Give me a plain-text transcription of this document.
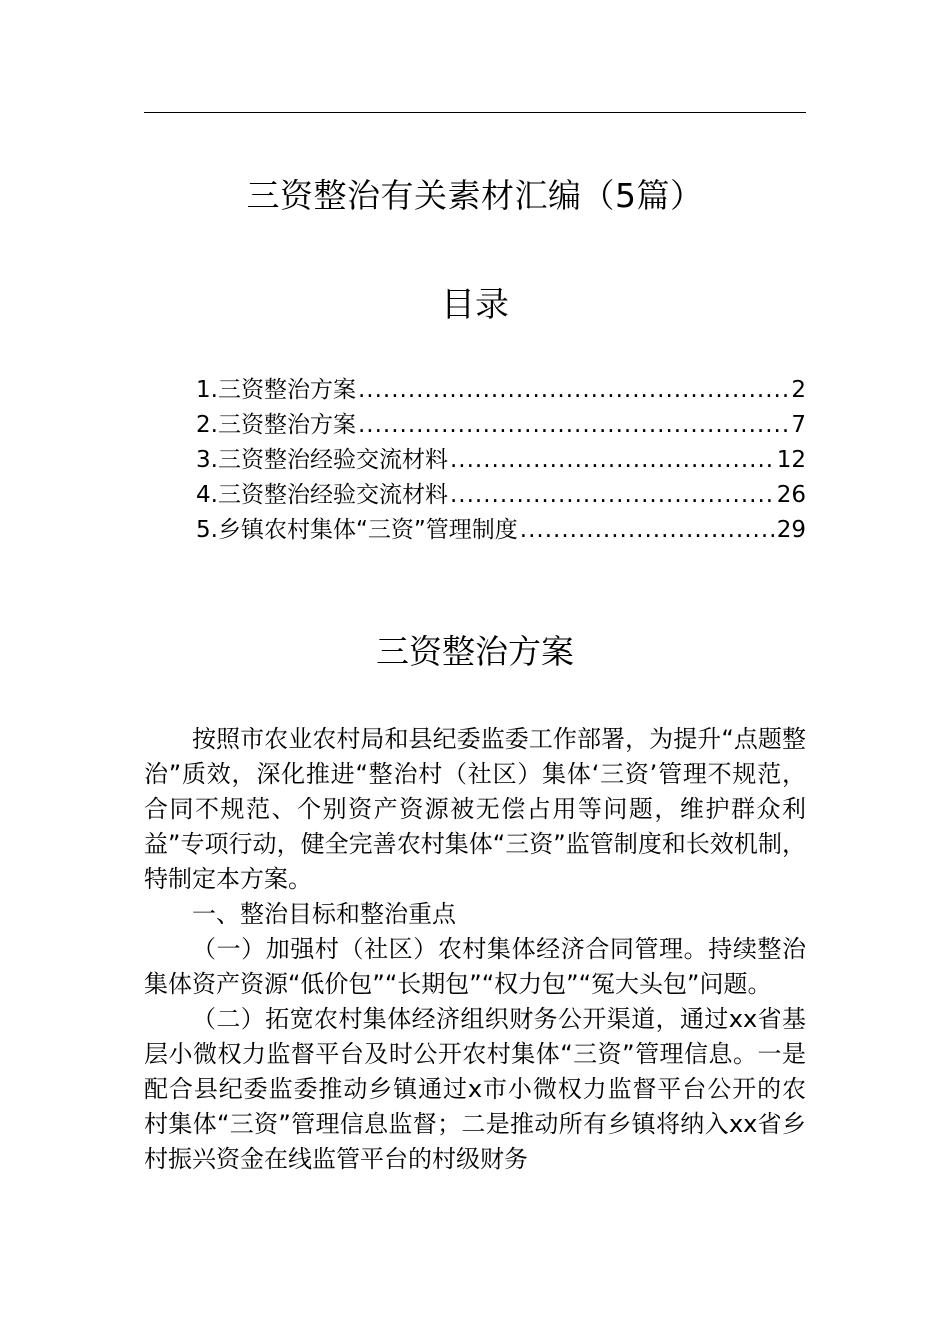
三资整治有关素材汇编（5篇）
目录
1. 三资整治方案 .....	2
2. 三资整治方案 .....	7
3. 三资整治经验交流材料 .....	12
4. 三资整治经验交流材料 .....	26
5. 乡镇农村集体“三资”管理制度 .....	29
三资整治方案

按照市农业农村局和县纪委监委工作部署，为提升“点题整治”质效，深化推进“整治村（社区）集体‘三资’管理不规范，合同不规范、个别资产资源被无偿占用等问题，维护群众利益”专项行动，健全完善农村集体“三资”监管制度和长效机制，特制定本方案。

一、整治目标和整治重点

（一）加强村（社区）农村集体经济合同管理。持续整治集体资产资源“低价包”“长期包”“权力包”“冤大头包”问题。

（二）拓宽农村集体经济组织财务公开渠道，通过xx省基层小微权力监督平台及时公开农村集体“三资”管理信息。一是配合县纪委监委推动乡镇通过x市小微权力监督平台公开的农村集体“三资”管理信息监督；二是推动所有乡镇将纳入xx省乡村振兴资金在线监管平台的村级财务
